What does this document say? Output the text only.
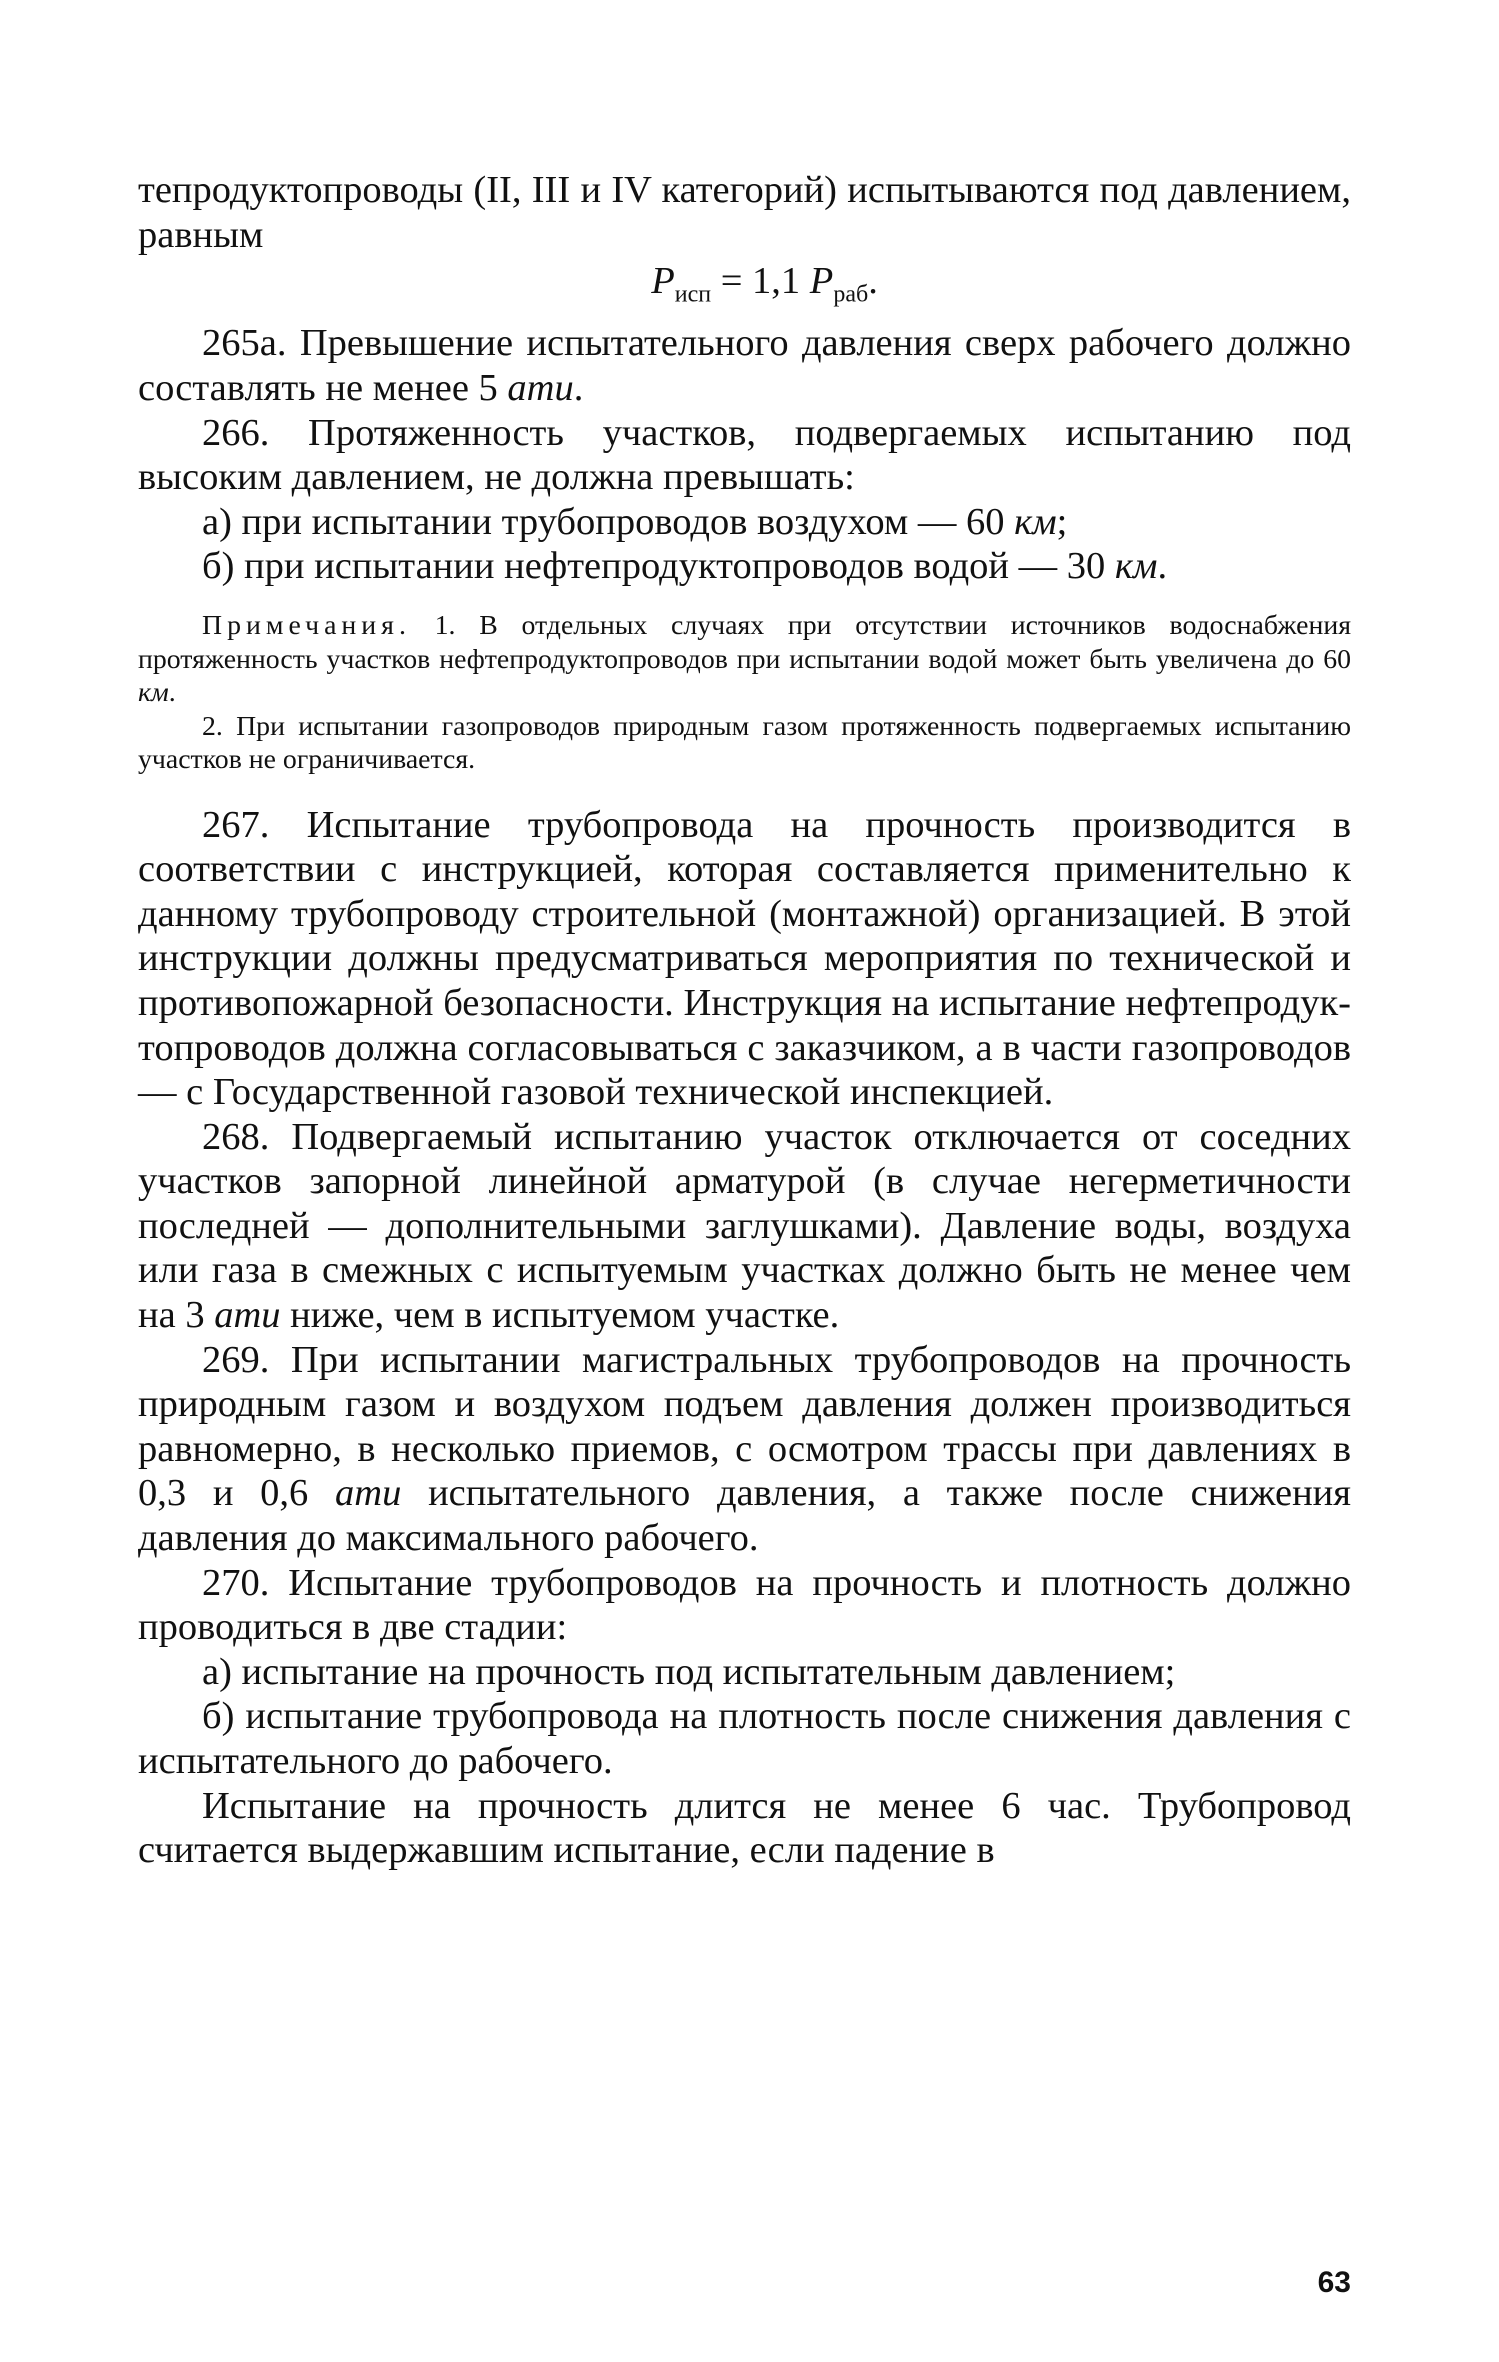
тепродуктопроводы (II, III и IV категорий) испытываются под давлением, равным

$P_{исп} = 1,1$ $P_{раб}$.

265а. Превышение испытательного давления сверх рабочего должно составлять не менее 5 ати.

266. Протяженность участков, подвергаемых испытанию под высоким давлением, не должна превышать:

а) при испытании трубопроводов воздухом — 60 км;

б) при испытании нефтепродуктопроводов водой — 30 км.

Примечания. 1. В отдельных случаях при отсутствии источников водоснабжения протяженность участков нефтепродуктопроводов при испытании водой может быть увеличена до 60 км.

2. При испытании газопроводов природным газом протяженность подвергаемых испытанию участков не ограничивается.

267. Испытание трубопровода на прочность производится в соответствии с инструкцией, которая составляется применительно к данному трубопроводу строительной (монтажной) организацией. В этой инструкции должны предусматриваться мероприятия по технической и противопожарной безопасности. Инструкция на испытание нефтепродуктопроводов должна согласовываться с заказчиком, а в части газопроводов — с Государственной газовой технической инспекцией.

268. Подвергаемый испытанию участок отключается от соседних участков запорной линейной арматурой (в случае негерметичности последней — дополнительными заглушками). Давление воды, воздуха или газа в смежных с испытуемым участках должно быть не менее чем на 3 ати ниже, чем в испытуемом участке.

269. При испытании магистральных трубопроводов на прочность природным газом и воздухом подъем давления должен производиться равномерно, в несколько приемов, с осмотром трассы при давлениях в 0,3 и 0,6 ати испытательного давления, а также после снижения давления до максимального рабочего.

270. Испытание трубопроводов на прочность и плотность должно проводиться в две стадии:

а) испытание на прочность под испытательным давлением;

б) испытание трубопровода на плотность после снижения давления с испытательного до рабочего.

Испытание на прочность длится не менее 6 час. Трубопровод считается выдержавшим испытание, если падение в

63
